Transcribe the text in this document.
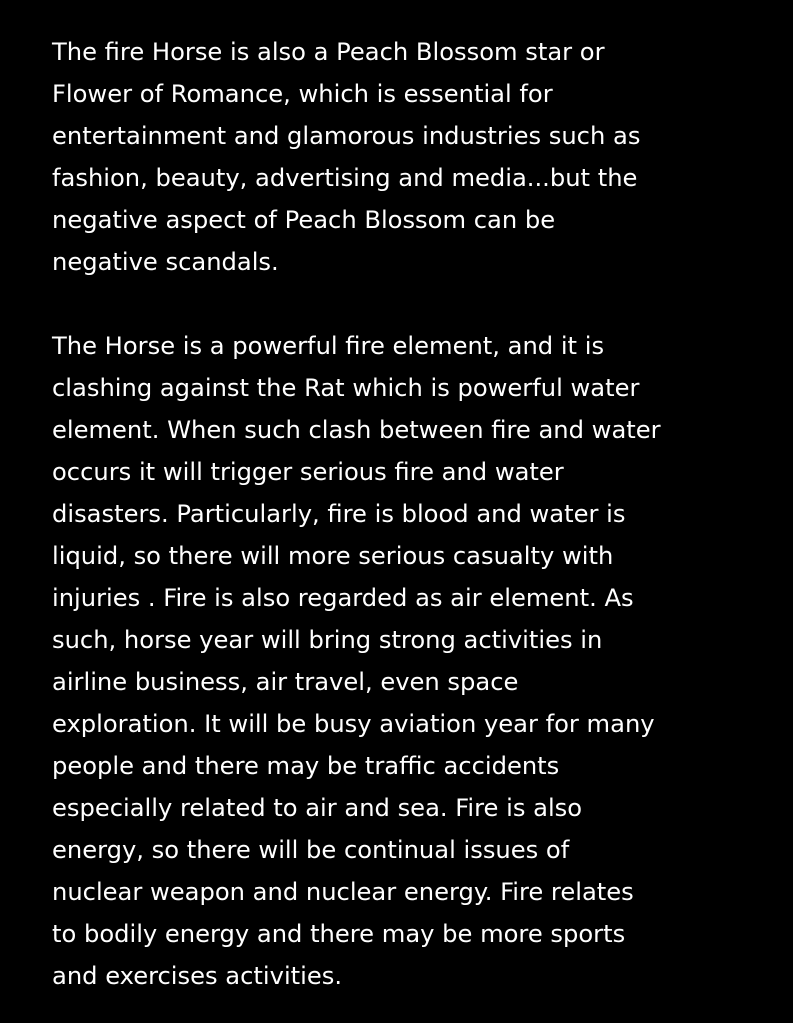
The fire Horse is also a Peach Blossom star or
Flower of Romance, which is essential for
entertainment and glamorous industries such as
fashion, beauty, advertising and media...but the
negative aspect of Peach Blossom can be
negative scandals.

The Horse is a powerful fire element, and it is
clashing against the Rat which is powerful water
element. When such clash between fire and water
occurs it will trigger serious fire and water
disasters. Particularly, fire is blood and water is
liquid, so there will more serious casualty with
injuries . Fire is also regarded as air element. As
such, horse year will bring strong activities in
airline business, air travel, even space
exploration. It will be busy aviation year for many
people and there may be traffic accidents
especially related to air and sea. Fire is also
energy, so there will be continual issues of
nuclear weapon and nuclear energy. Fire relates
to bodily energy and there may be more sports
and exercises activities.
